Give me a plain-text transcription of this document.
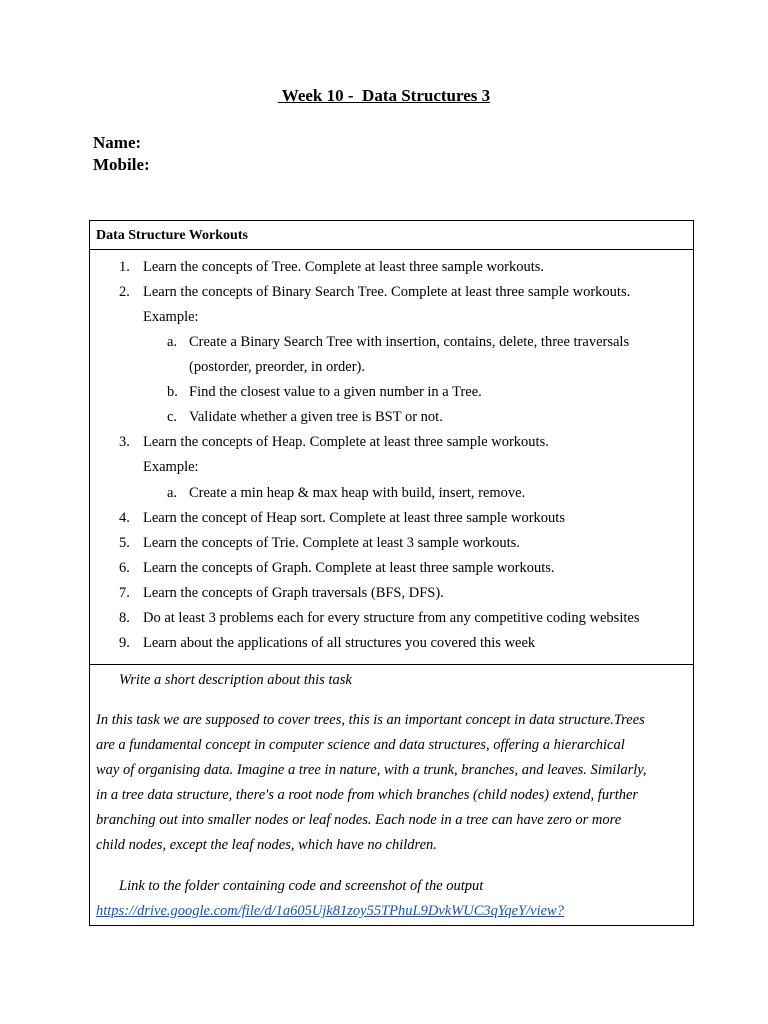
Week 10 -  Data Structures 3
Name:
Mobile:
Data Structure Workouts
1. Learn the concepts of Tree. Complete at least three sample workouts.
2. Learn the concepts of Binary Search Tree. Complete at least three sample workouts.
Example:
a. Create a Binary Search Tree with insertion, contains, delete, three traversals
(postorder, preorder, in order).
b. Find the closest value to a given number in a Tree.
c. Validate whether a given tree is BST or not.
3. Learn the concepts of Heap. Complete at least three sample workouts.
Example:
a. Create a min heap & max heap with build, insert, remove.
4. Learn the concept of Heap sort. Complete at least three sample workouts
5. Learn the concepts of Trie. Complete at least 3 sample workouts.
6. Learn the concepts of Graph. Complete at least three sample workouts.
7. Learn the concepts of Graph traversals (BFS, DFS).
8. Do at least 3 problems each for every structure from any competitive coding websites
9. Learn about the applications of all structures you covered this week
Write a short description about this task
In this task we are supposed to cover trees, this is an important concept in data structure.Trees
are a fundamental concept in computer science and data structures, offering a hierarchical
way of organising data. Imagine a tree in nature, with a trunk, branches, and leaves. Similarly,
in a tree data structure, there's a root node from which branches (child nodes) extend, further
branching out into smaller nodes or leaf nodes. Each node in a tree can have zero or more
child nodes, except the leaf nodes, which have no children.
Link to the folder containing code and screenshot of the output
https://drive.google.com/file/d/1a605Ujk81zoy55TPhuL9DvkWUC3qYqeY/view?
